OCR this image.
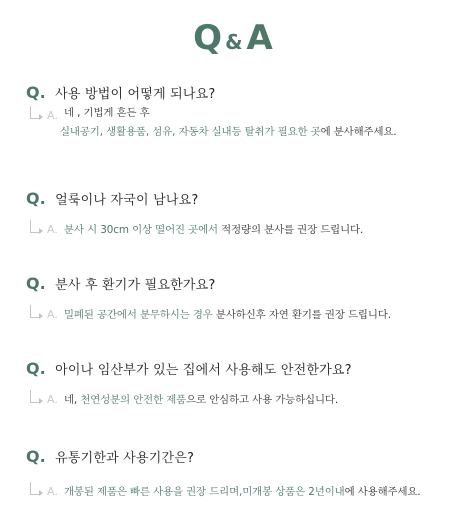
Q & A
Q. 사용 방법이 어떻게 되나요?
A. 네 , 기법게 흔든 후
실내공기, 생활용품, 섬유, 자동차 실내등 탈취가 필요한 곳에 분사해주세요.
Q. 얼룩이나 자국이 남나요?
A. 분사 시 30cm 이상 떨어진 곳에서 적정량의 분사를 권장 드립니다.
Q. 분사 후 환기가 필요한가요?
A. 밀폐된 공간에서 분무하시는 경우 분사하신후 자연 환기를 권장 드립니다.
Q. 아이나 임산부가 있는 집에서 사용해도 안전한가요?
A. 네, 천연성분의 안전한 제품으로 안심하고 사용 가능하십니다.
Q. 유통기한과 사용기간은?
A. 개봉된 제품은 빠른 사용을 권장 드리며,미개봉 상품은 2년이내에 사용해주세요.
